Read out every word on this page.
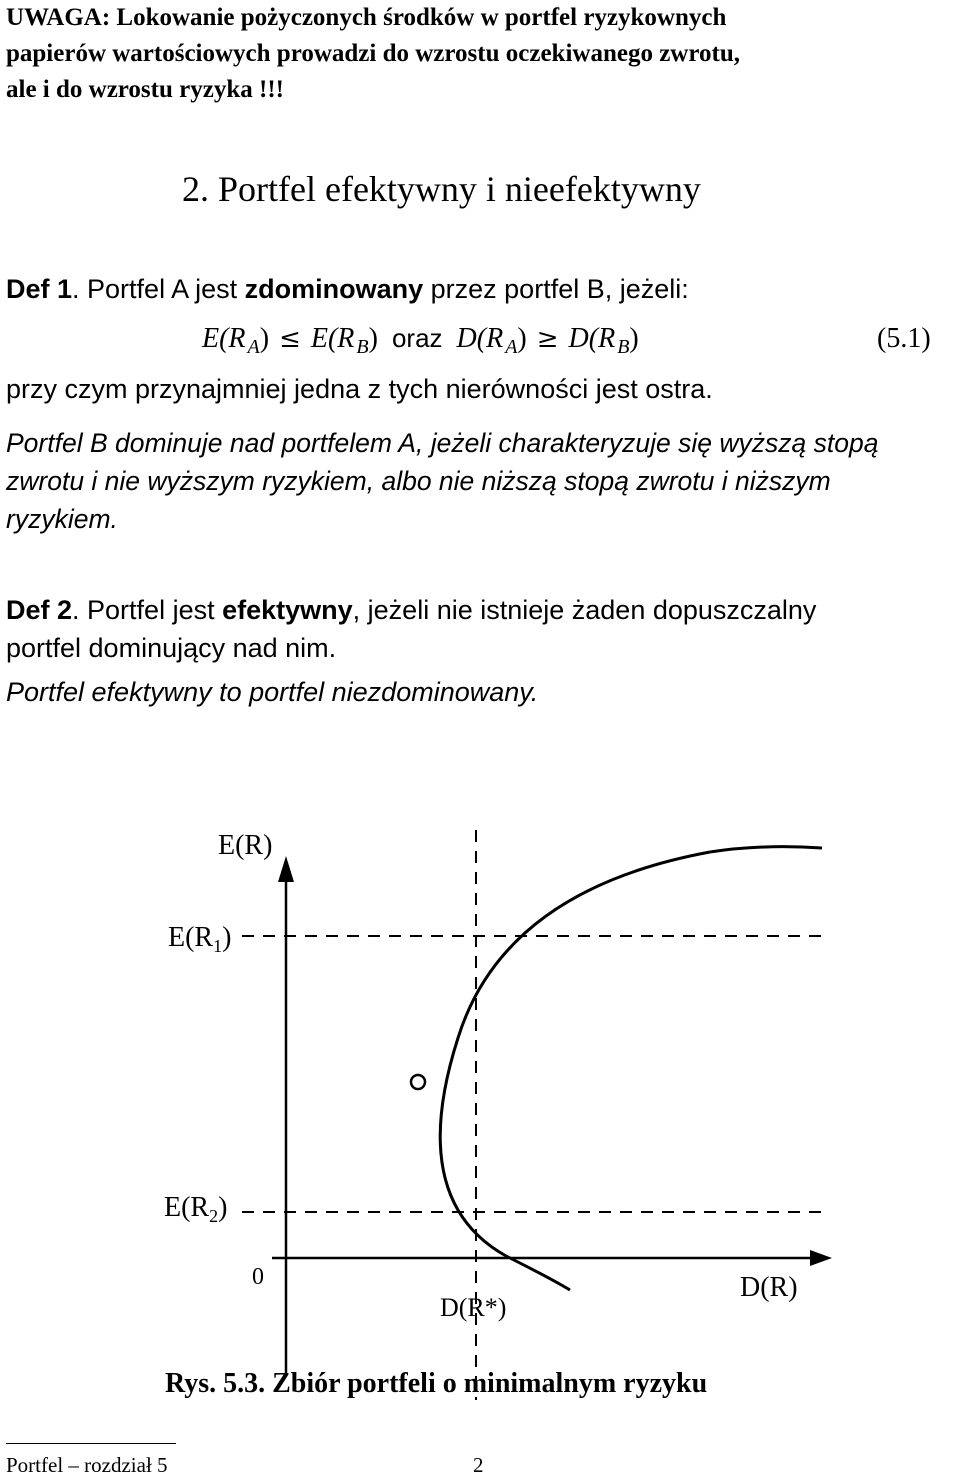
UWAGA: Lokowanie pożyczonych środków w portfel ryzykownych
papierów wartościowych prowadzi do wzrostu oczekiwanego zwrotu,
ale i do wzrostu ryzyka !!!
2. Portfel efektywny i nieefektywny
Def 1. Portfel A jest zdominowany przez portfel B, jeżeli:
E(R $_A$) ≤ E(R $_B$) oraz D(R $_A$) ≥ D(R $_B$)	(5.1)
przy czym przynajmniej jedna z tych nierówności jest ostra.
Portfel B dominuje nad portfelem A, jeżeli charakteryzuje się wyższą stopą
zwrotu i nie wyższym ryzykiem, albo nie niższą stopą zwrotu i niższym
ryzykiem.
Def 2. Portfel jest efektywny, jeżeli nie istnieje żaden dopuszczalny
portfel dominujący nad nim.
Portfel efektywny to portfel niezdominowany.
E(R)
$E(R_1)$
$E(R_2)$
0	D(R)
D(R*)
Rys. 5.3. Zbiór portfeli o minimalnym ryzyku
Portfel – rozdział 5	2
